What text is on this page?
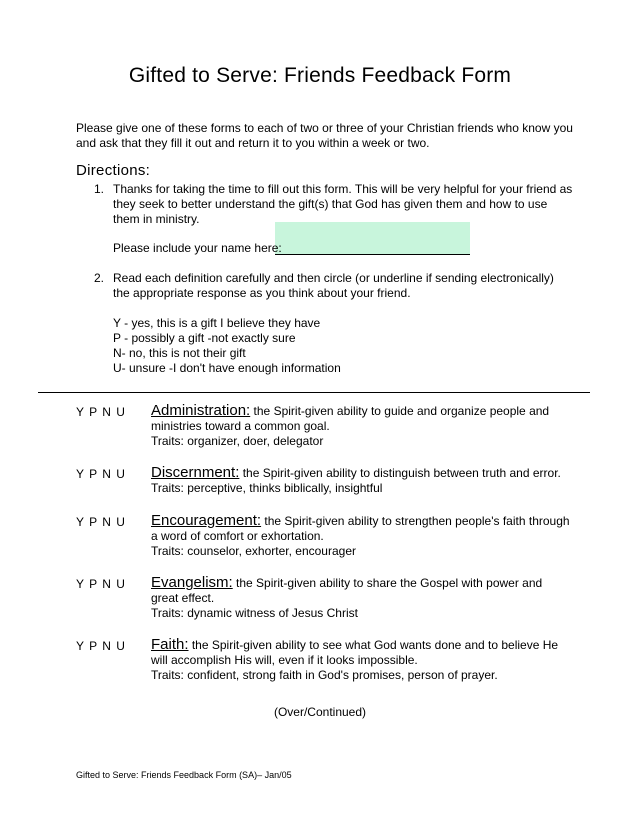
Gifted to Serve: Friends Feedback Form
Please give one of these forms to each of two or three of your Christian friends who know you and ask that they fill it out and return it to you within a week or two.
Directions:
1. Thanks for taking the time to fill out this form. This will be very helpful for your friend as they seek to better understand the gift(s) that God has given them and how to use them in ministry.
Please include your name here:
2. Read each definition carefully and then circle (or underline if sending electronically) the appropriate response as you think about your friend.
Y - yes, this is a gift I believe they have
P - possibly a gift -not exactly sure
N- no, this is not their gift
U- unsure -I don't have enough information
Y P N U Administration: the Spirit-given ability to guide and organize people and ministries toward a common goal.
Traits: organizer, doer, delegator
Y P N U Discernment: the Spirit-given ability to distinguish between truth and error.
Traits: perceptive, thinks biblically, insightful
Y P N U Encouragement: the Spirit-given ability to strengthen people's faith through a word of comfort or exhortation.
Traits: counselor, exhorter, encourager
Y P N U Evangelism: the Spirit-given ability to share the Gospel with power and great effect.
Traits: dynamic witness of Jesus Christ
Y P N U Faith: the Spirit-given ability to see what God wants done and to believe He will accomplish His will, even if it looks impossible.
Traits: confident, strong faith in God's promises, person of prayer.
(Over/Continued)
Gifted to Serve: Friends Feedback Form (SA)– Jan/05
